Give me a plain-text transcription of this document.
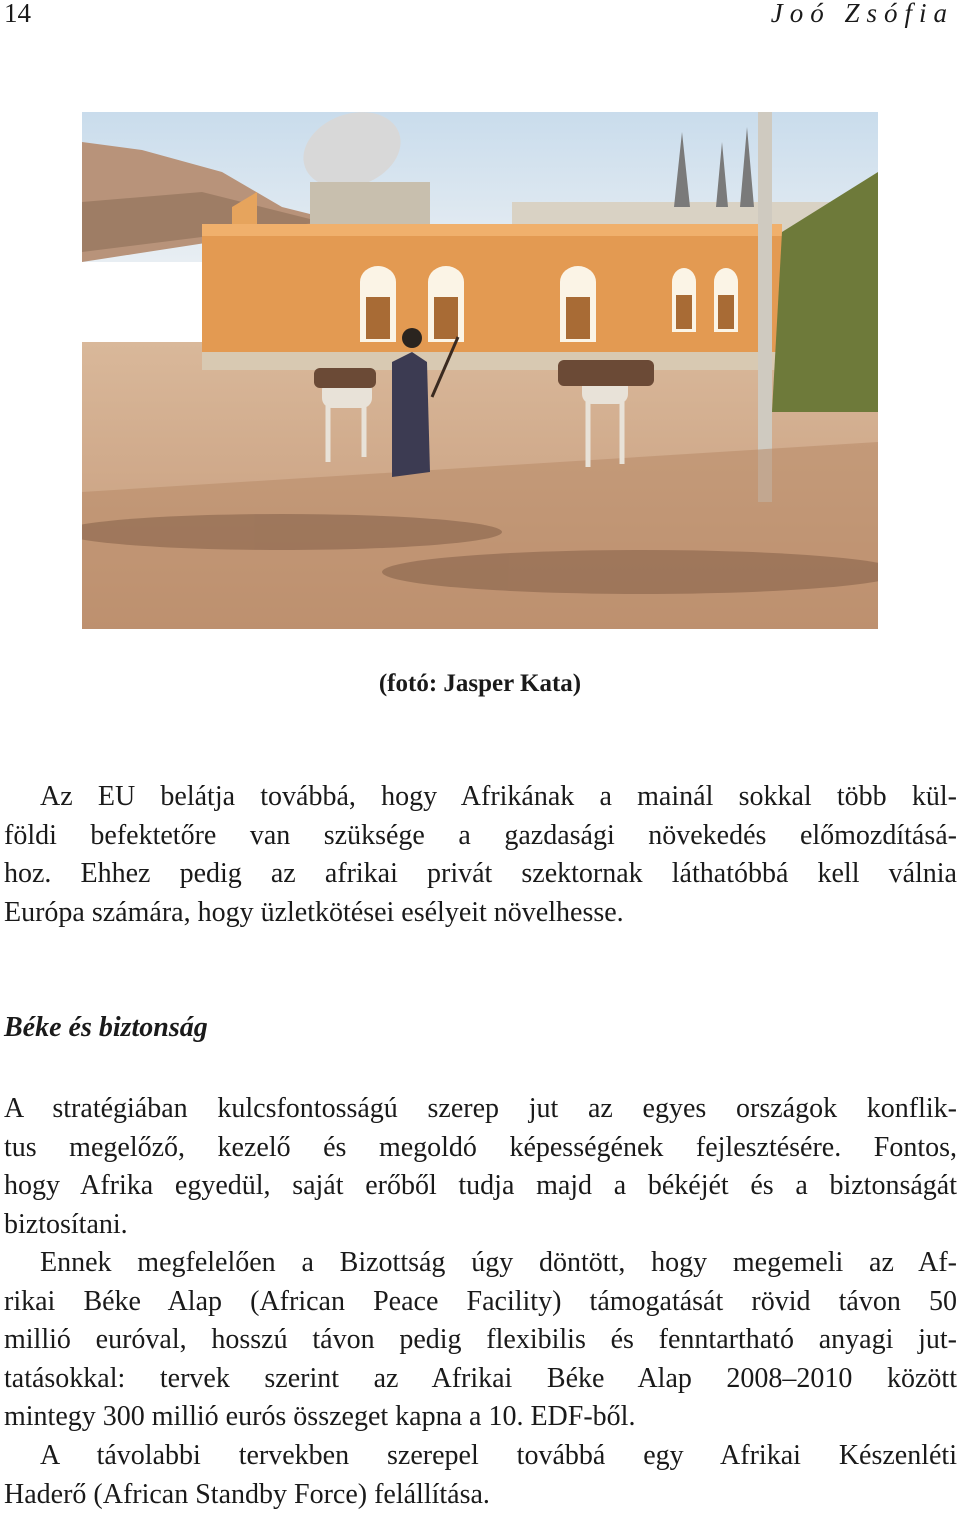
14	Joó Zsófia
(fotó: Jasper Kata)
Az EU belátja továbbá, hogy Afrikának a mainál sokkal több kül-
földi befektetőre van szüksége a gazdasági növekedés előmozdításá-
hoz. Ehhez pedig az afrikai privát szektornak láthatóbbá kell válnia
Európa számára, hogy üzletkötései esélyeit növelhesse.
Béke és biztonság
A stratégiában kulcsfontosságú szerep jut az egyes országok konflik-
tus megelőző, kezelő és megoldó képességének fejlesztésére. Fontos,
hogy Afrika egyedül, saját erőből tudja majd a békéjét és a biztonságát
biztosítani.
Ennek megfelelően a Bizottság úgy döntött, hogy megemeli az Af-
rikai Béke Alap (African Peace Facility) támogatását rövid távon 50
millió euróval, hosszú távon pedig flexibilis és fenntartható anyagi jut-
tatásokkal: tervek szerint az Afrikai Béke Alap 2008–2010 között
mintegy 300 millió eurós összeget kapna a 10. EDF-ből.
A távolabbi tervekben szerepel továbbá egy Afrikai Készenléti
Haderő (African Standby Force) felállítása.
